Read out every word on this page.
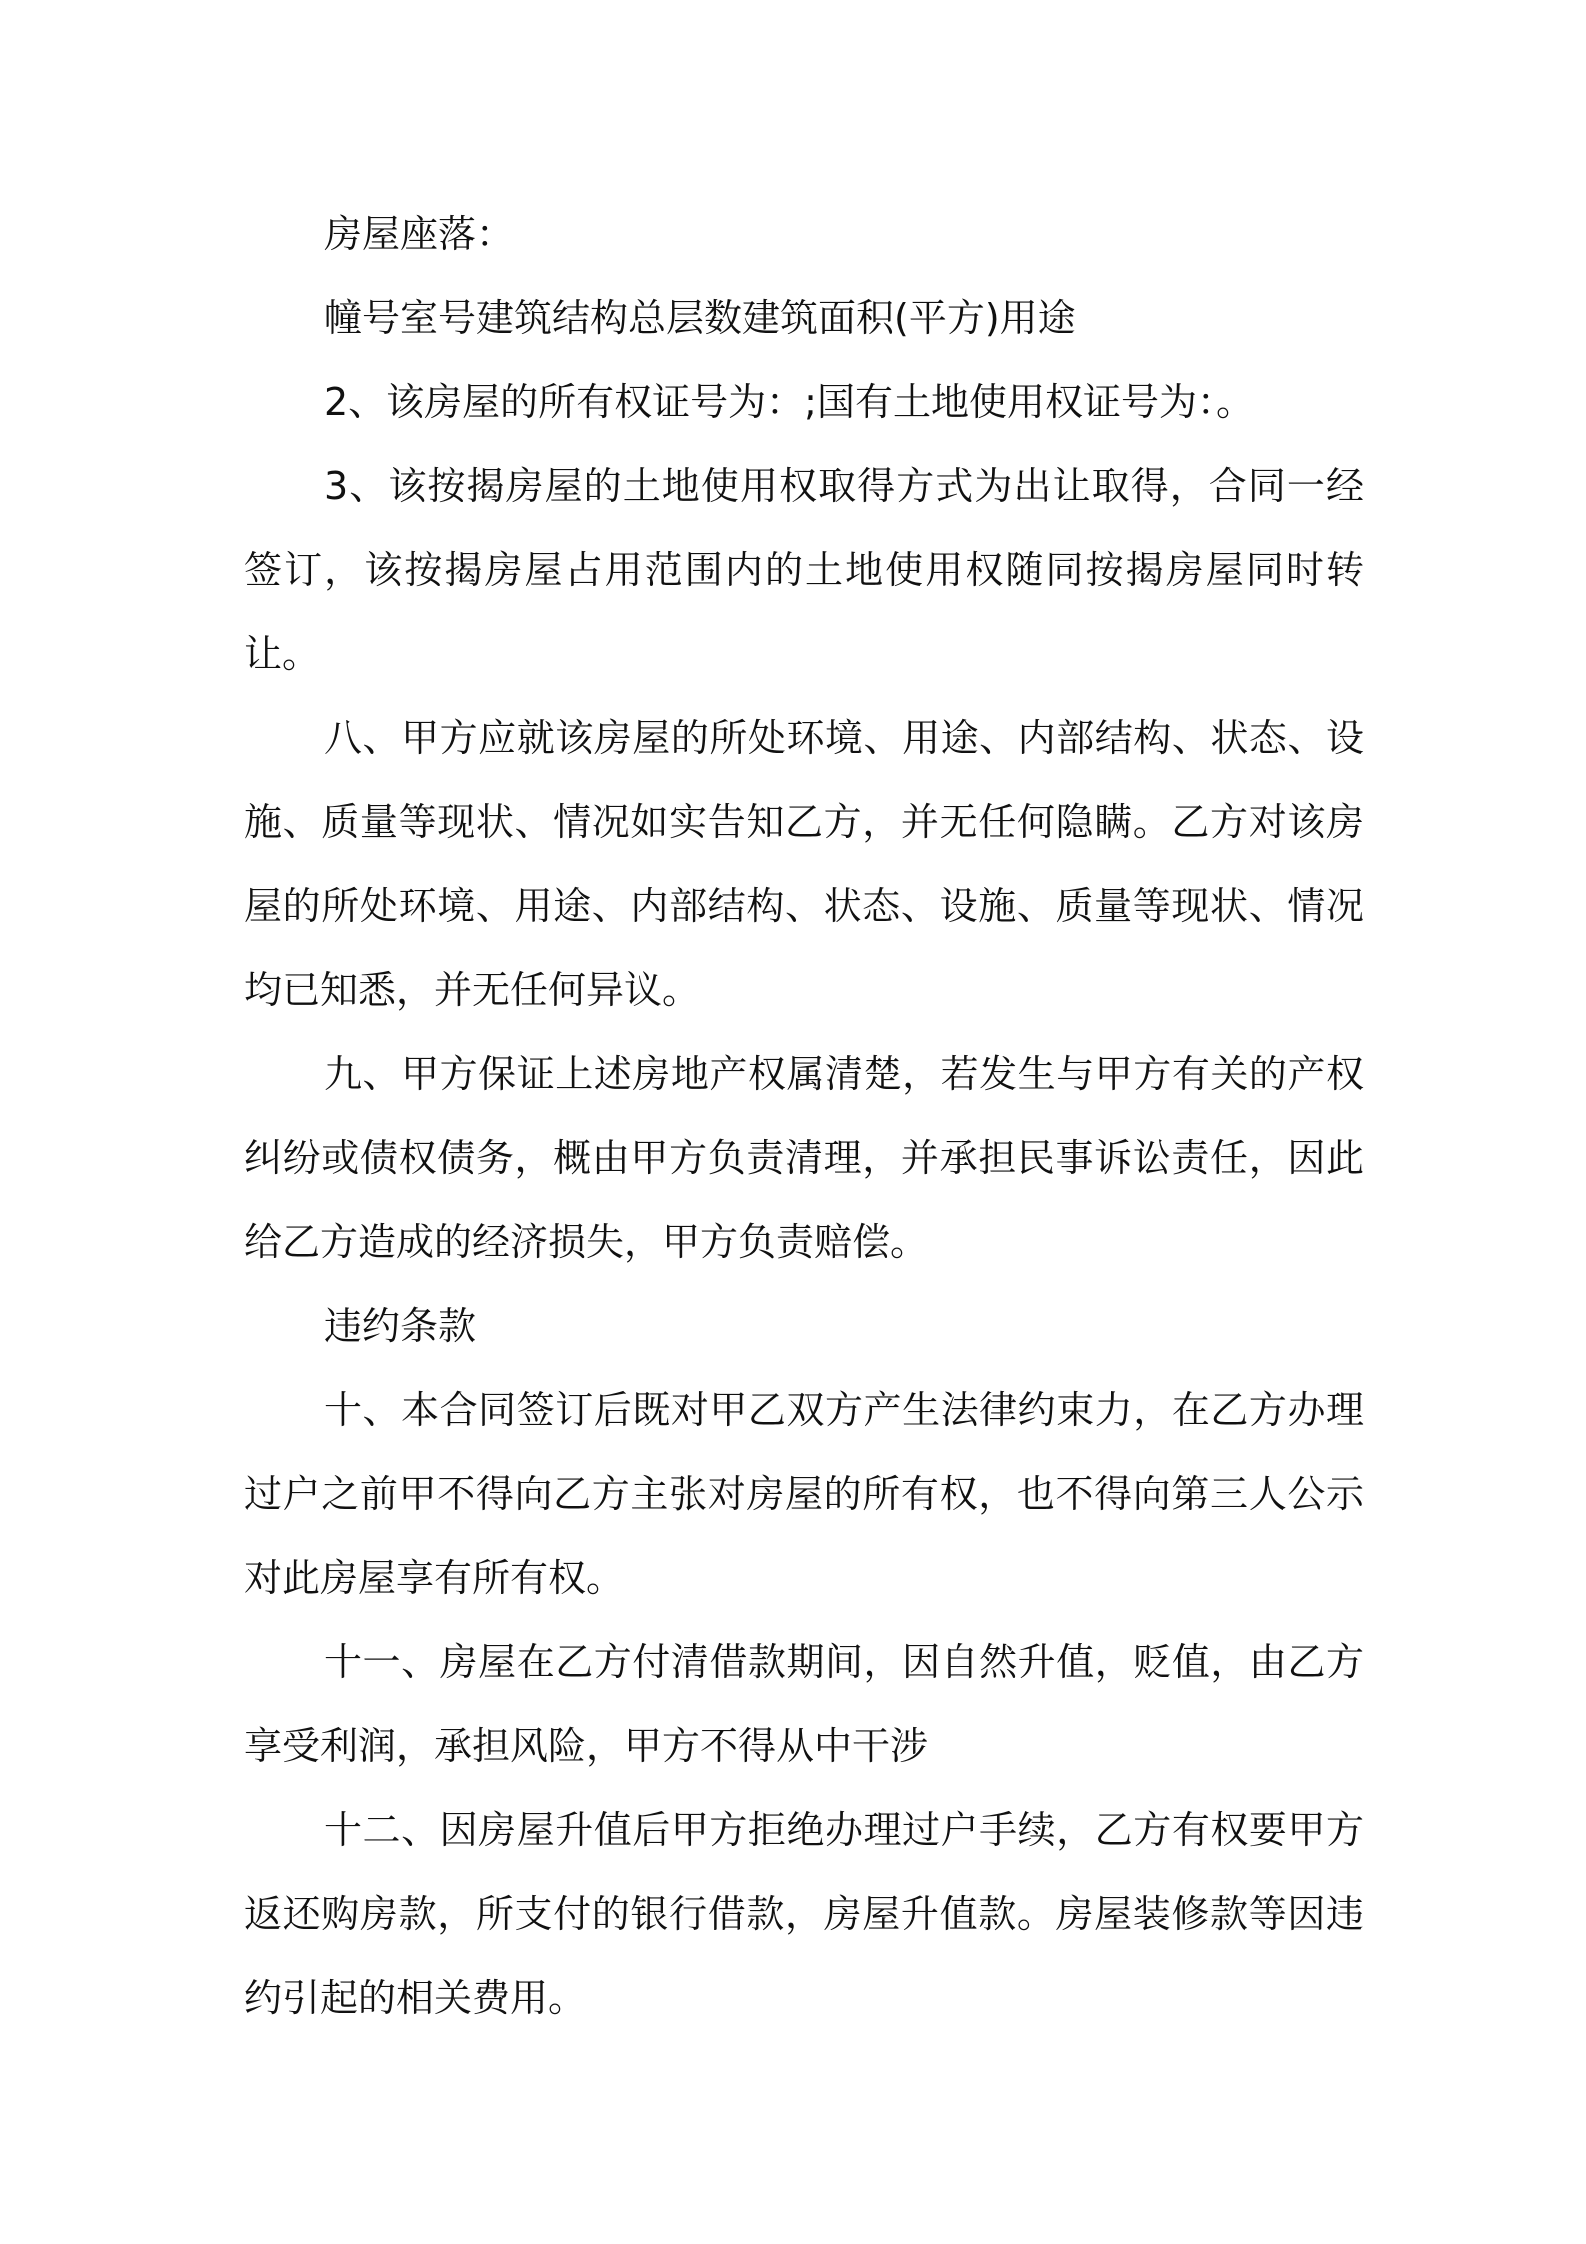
房屋座落：

幢号室号建筑结构总层数建筑面积(平方)用途

2、该房屋的所有权证号为：;国有土地使用权证号为：。

3、该按揭房屋的土地使用权取得方式为出让取得，合同一经签订，该按揭房屋占用范围内的土地使用权随同按揭房屋同时转让。

八、甲方应就该房屋的所处环境、用途、内部结构、状态、设施、质量等现状、情况如实告知乙方，并无任何隐瞒。乙方对该房屋的所处环境、用途、内部结构、状态、设施、质量等现状、情况均已知悉，并无任何异议。

九、甲方保证上述房地产权属清楚，若发生与甲方有关的产权纠纷或债权债务，概由甲方负责清理，并承担民事诉讼责任，因此给乙方造成的经济损失，甲方负责赔偿。

违约条款

十、本合同签订后既对甲乙双方产生法律约束力，在乙方办理过户之前甲不得向乙方主张对房屋的所有权，也不得向第三人公示对此房屋享有所有权。

十一、房屋在乙方付清借款期间，因自然升值，贬值，由乙方享受利润，承担风险，甲方不得从中干涉

十二、因房屋升值后甲方拒绝办理过户手续，乙方有权要甲方返还购房款，所支付的银行借款，房屋升值款。房屋装修款等因违约引起的相关费用。
